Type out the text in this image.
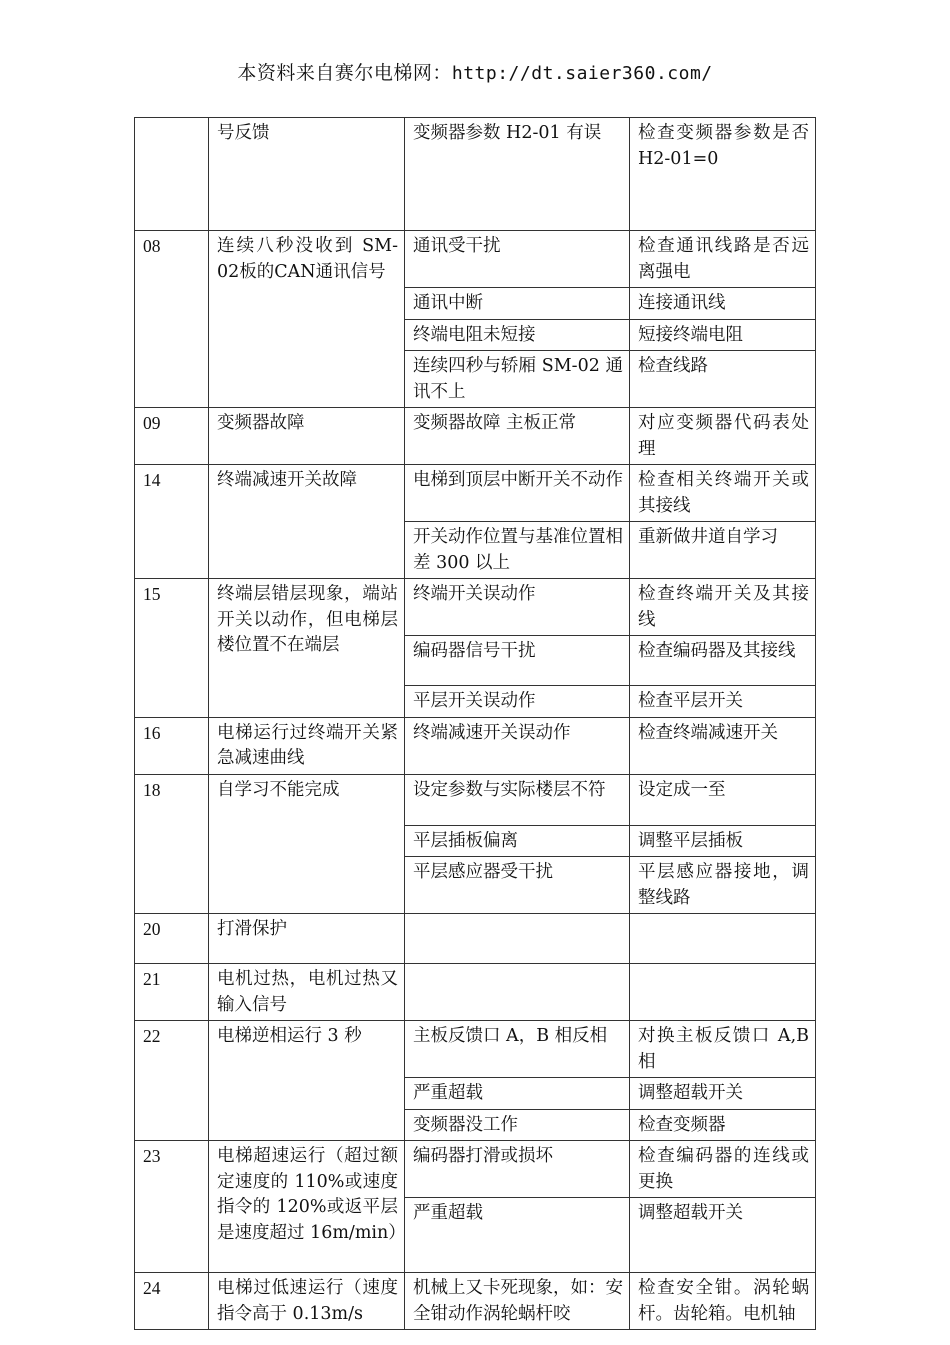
本资料来自赛尔电梯网：http://dt.saier360.com/
	号反馈	变频器参数 H2-01 有误	检查变频器参数是否 H2-01=0
08	连续八秒没收到 SM-02板的CAN通讯信号	通讯受干扰	检查通讯线路是否远离强电
		通讯中断	连接通讯线
		终端电阻未短接	短接终端电阻
		连续四秒与轿厢 SM-02 通讯不上	检查线路
09	变频器故障	变频器故障 主板正常	对应变频器代码表处理
14	终端减速开关故障	电梯到顶层中断开关不动作	检查相关终端开关或其接线
		开关动作位置与基准位置相差 300 以上	重新做井道自学习
15	终端层错层现象，端站开关以动作，但电梯层楼位置不在端层	终端开关误动作	检查终端开关及其接线
		编码器信号干扰	检查编码器及其接线
		平层开关误动作	检查平层开关
16	电梯运行过终端开关紧急减速曲线	终端减速开关误动作	检查终端减速开关
18	自学习不能完成	设定参数与实际楼层不符	设定成一至
		平层插板偏离	调整平层插板
		平层感应器受干扰	平层感应器接地，调整线路
20	打滑保护		
21	电机过热，电机过热又输入信号		
22	电梯逆相运行 3 秒	主板反馈口 A，B 相反相	对换主板反馈口 A,B 相
		严重超载	调整超载开关
		变频器没工作	检查变频器
23	电梯超速运行（超过额定速度的 110%或速度指令的 120%或返平层是速度超过 16m/min）	编码器打滑或损坏	检查编码器的连线或更换
		严重超载	调整超载开关
24	电梯过低速运行（速度指令高于 0.13m/s	机械上又卡死现象，如：安全钳动作涡轮蜗杆咬	检查安全钳。涡轮蜗杆。齿轮箱。电机轴
